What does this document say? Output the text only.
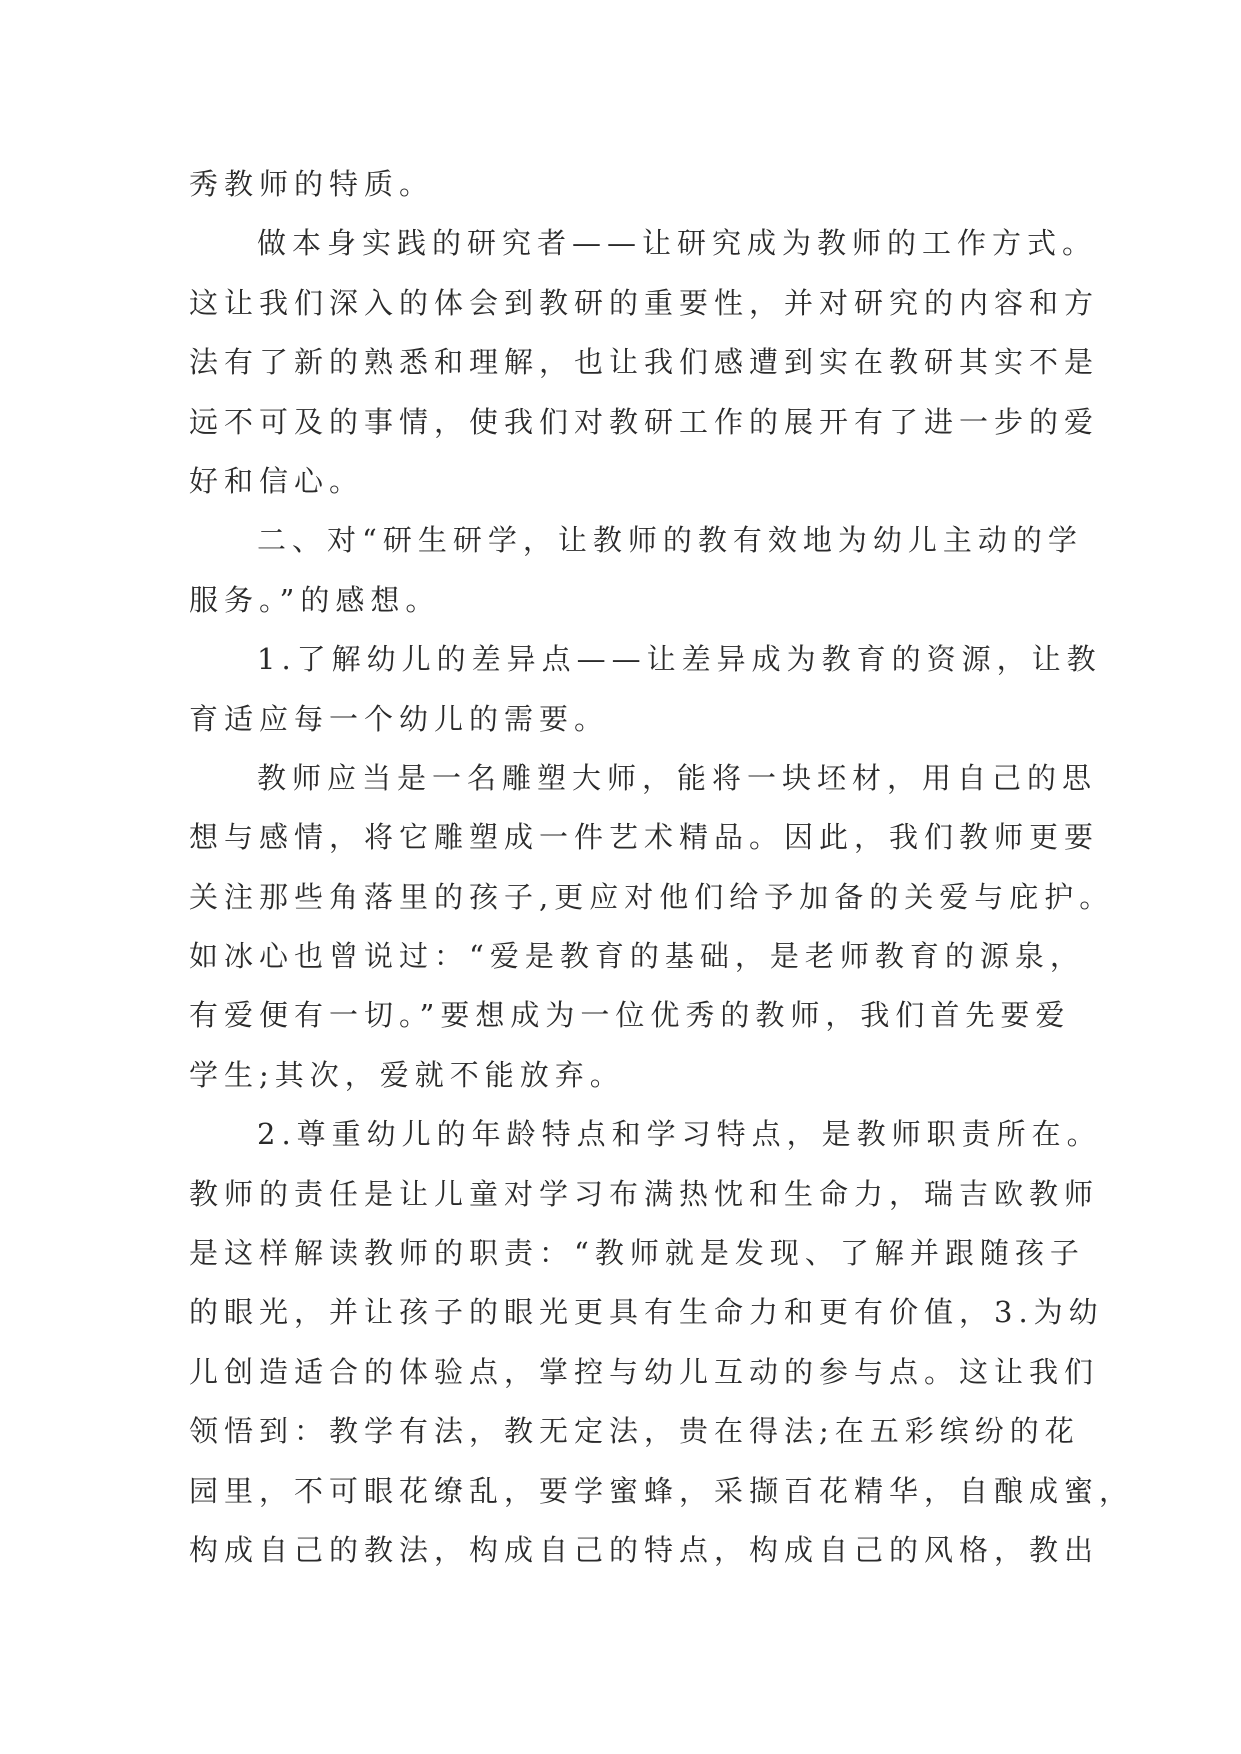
秀教师的特质。
做本身实践的研究者——让研究成为教师的工作方式。
这让我们深入的体会到教研的重要性，并对研究的内容和方
法有了新的熟悉和理解，也让我们感遭到实在教研其实不是
远不可及的事情，使我们对教研工作的展开有了进一步的爱
好和信心。
二、对“研生研学，让教师的教有效地为幼儿主动的学
服务。”的感想。
1.了解幼儿的差异点——让差异成为教育的资源，让教
育适应每一个幼儿的需要。
教师应当是一名雕塑大师，能将一块坯材，用自己的思
想与感情，将它雕塑成一件艺术精品。因此，我们教师更要
关注那些角落里的孩子,更应对他们给予加备的关爱与庇护。
如冰心也曾说过：“爱是教育的基础，是老师教育的源泉，
有爱便有一切。”要想成为一位优秀的教师，我们首先要爱
学生;其次，爱就不能放弃。
2.尊重幼儿的年龄特点和学习特点，是教师职责所在。
教师的责任是让儿童对学习布满热忱和生命力，瑞吉欧教师
是这样解读教师的职责：“教师就是发现、了解并跟随孩子
的眼光，并让孩子的眼光更具有生命力和更有价值，3.为幼
儿创造适合的体验点，掌控与幼儿互动的参与点。这让我们
领悟到：教学有法，教无定法，贵在得法;在五彩缤纷的花
园里，不可眼花缭乱，要学蜜蜂，采撷百花精华，自酿成蜜，
构成自己的教法，构成自己的特点，构成自己的风格，教出
